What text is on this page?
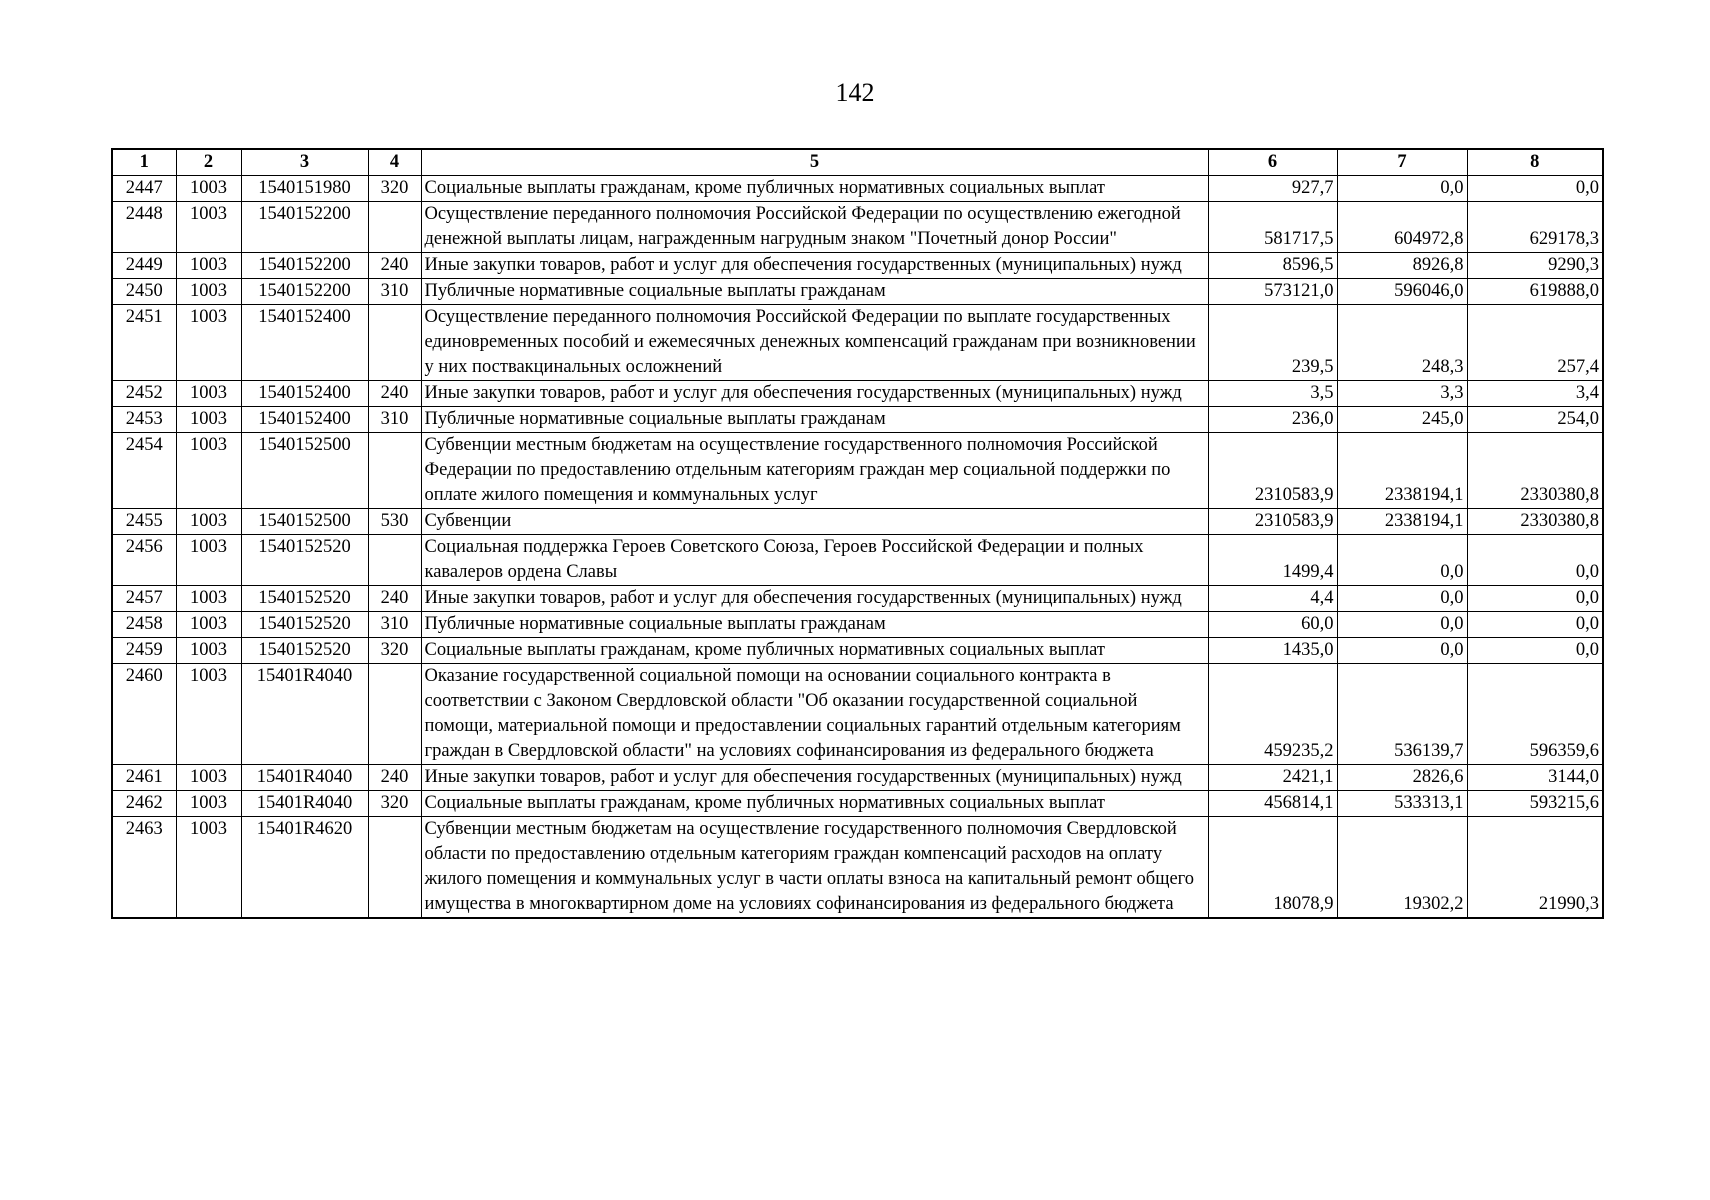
142
1	2	3	4	5	6	7	8
2447	1003	1540151980	320	Социальные выплаты гражданам, кроме публичных нормативных социальных выплат	927,7	0,0	0,0
2448	1003	1540152200		Осуществление переданного полномочия Российской Федерации по осуществлению ежегодной денежной выплаты лицам, награжденным нагрудным знаком "Почетный донор России"	581717,5	604972,8	629178,3
2449	1003	1540152200	240	Иные закупки товаров, работ и услуг для обеспечения государственных (муниципальных) нужд	8596,5	8926,8	9290,3
2450	1003	1540152200	310	Публичные нормативные социальные выплаты гражданам	573121,0	596046,0	619888,0
2451	1003	1540152400		Осуществление переданного полномочия Российской Федерации по выплате государственных единовременных пособий и ежемесячных денежных компенсаций гражданам при возникновении у них поствакцинальных осложнений	239,5	248,3	257,4
2452	1003	1540152400	240	Иные закупки товаров, работ и услуг для обеспечения государственных (муниципальных) нужд	3,5	3,3	3,4
2453	1003	1540152400	310	Публичные нормативные социальные выплаты гражданам	236,0	245,0	254,0
2454	1003	1540152500		Субвенции местным бюджетам на осуществление государственного полномочия Российской Федерации по предоставлению отдельным категориям граждан мер социальной поддержки по оплате жилого помещения и коммунальных услуг	2310583,9	2338194,1	2330380,8
2455	1003	1540152500	530	Субвенции	2310583,9	2338194,1	2330380,8
2456	1003	1540152520		Социальная поддержка Героев Советского Союза, Героев Российской Федерации и полных кавалеров ордена Славы	1499,4	0,0	0,0
2457	1003	1540152520	240	Иные закупки товаров, работ и услуг для обеспечения государственных (муниципальных) нужд	4,4	0,0	0,0
2458	1003	1540152520	310	Публичные нормативные социальные выплаты гражданам	60,0	0,0	0,0
2459	1003	1540152520	320	Социальные выплаты гражданам, кроме публичных нормативных социальных выплат	1435,0	0,0	0,0
2460	1003	15401R4040		Оказание государственной социальной помощи на основании социального контракта в соответствии с Законом Свердловской области "Об оказании государственной социальной помощи, материальной помощи и предоставлении социальных гарантий отдельным категориям граждан в Свердловской области" на условиях софинансирования из федерального бюджета	459235,2	536139,7	596359,6
2461	1003	15401R4040	240	Иные закупки товаров, работ и услуг для обеспечения государственных (муниципальных) нужд	2421,1	2826,6	3144,0
2462	1003	15401R4040	320	Социальные выплаты гражданам, кроме публичных нормативных социальных выплат	456814,1	533313,1	593215,6
2463	1003	15401R4620		Субвенции местным бюджетам на осуществление государственного полномочия Свердловской области по предоставлению отдельным категориям граждан компенсаций расходов на оплату жилого помещения и коммунальных услуг в части оплаты взноса на капитальный ремонт общего имущества в многоквартирном доме на условиях софинансирования из федерального бюджета	18078,9	19302,2	21990,3
